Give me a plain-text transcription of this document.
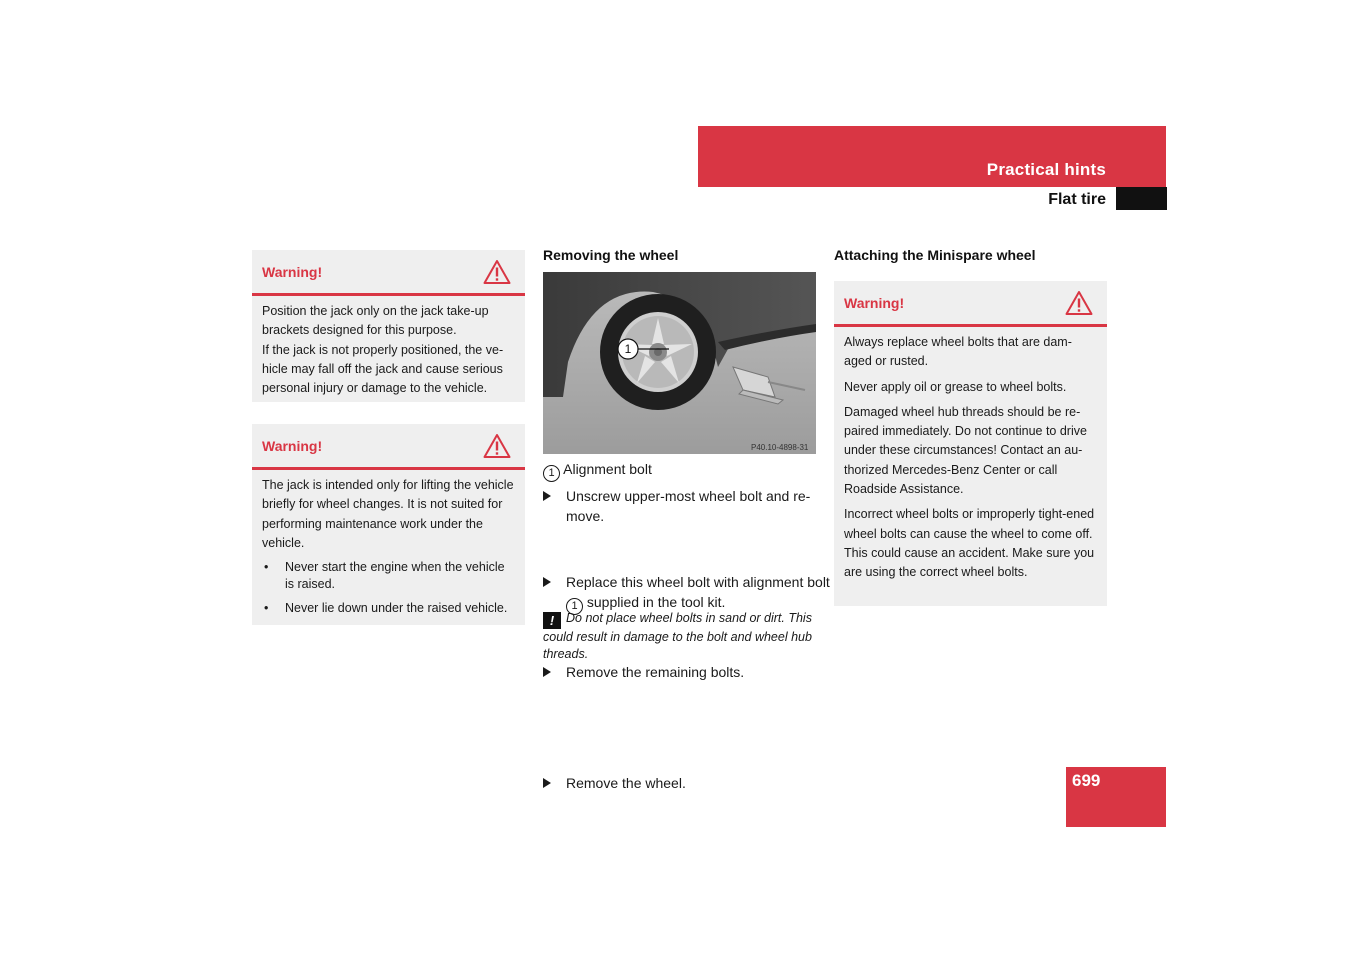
Practical hints
Flat tire
Warning!

Position the jack only on the jack take-up brackets designed for this purpose.

If the jack is not properly positioned, the ve-hicle may fall off the jack and cause serious personal injury or damage to the vehicle.

Warning!

The jack is intended only for lifting the vehicle briefly for wheel changes. It is not suited for performing maintenance work under the vehicle.

• Never start the engine when the vehicle is raised.
• Never lie down under the raised vehicle.
Removing the wheel
1
P40.10-4898-31
1 Alignment bolt
Unscrew upper-most wheel bolt and re-move.
Replace this wheel bolt with alignment bolt 1 supplied in the tool kit.
Remove the remaining bolts.
! Do not place wheel bolts in sand or dirt. This could result in damage to the bolt and wheel hub threads.
Remove the wheel.
Attaching the Minispare wheel
Warning!

Always replace wheel bolts that are dam-aged or rusted.

Never apply oil or grease to wheel bolts.

Damaged wheel hub threads should be re-paired immediately. Do not continue to drive under these circumstances! Contact an au-thorized Mercedes-Benz Center or call Roadside Assistance.

Incorrect wheel bolts or improperly tight-ened wheel bolts can cause the wheel to come off. This could cause an accident. Make sure you are using the correct wheel bolts.

699
